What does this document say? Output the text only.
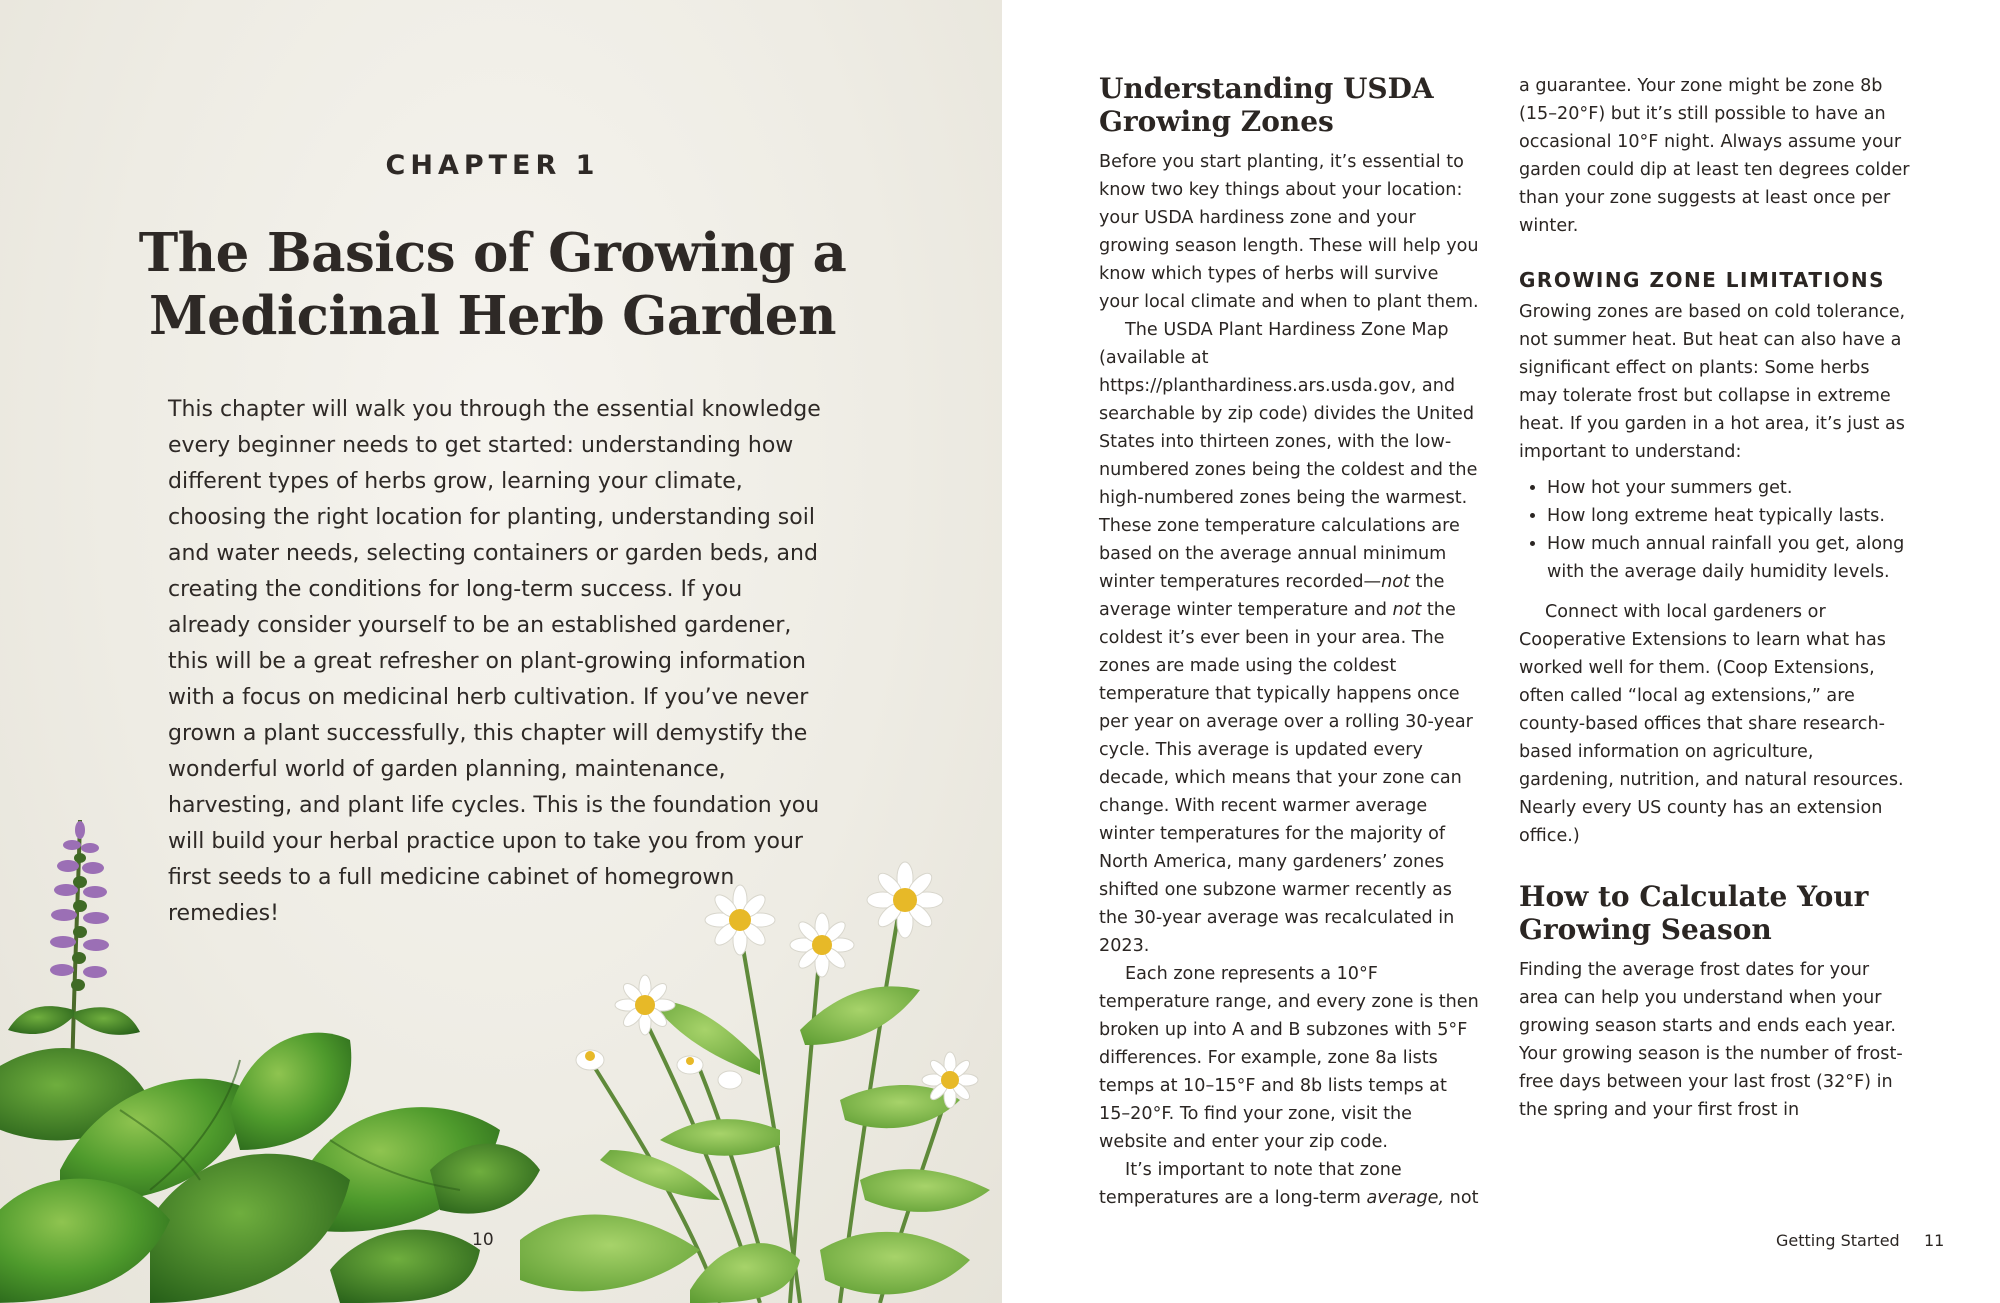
CHAPTER 1
The Basics of Growing a
Medicinal Herb Garden

This chapter will walk you through the essential knowledge every beginner needs to get started: understanding how different types of herbs grow, learning your climate, choosing the right location for planting, understanding soil and water needs, selecting containers or garden beds, and creating the conditions for long-term success. If you already consider yourself to be an established gardener, this will be a great refresher on plant-growing information with a focus on medicinal herb cultivation. If you’ve never grown a plant successfully, this chapter will demystify the wonderful world of garden planning, maintenance, harvesting, and plant life cycles. This is the foundation you will build your herbal practice upon to take you from your first seeds to a full medicine cabinet of homegrown remedies!

10
Understanding USDA Growing Zones

Before you start planting, it’s essential to know two key things about your location: your USDA hardiness zone and your growing season length. These will help you know which types of herbs will survive your local climate and when to plant them.

The USDA Plant Hardiness Zone Map (available at https://planthardiness.ars.usda.gov, and searchable by zip code) divides the United States into thirteen zones, with the low-numbered zones being the coldest and the high-numbered zones being the warmest. These zone temperature calculations are based on the average annual minimum winter temperatures recorded—not the average winter temperature and not the coldest it’s ever been in your area. The zones are made using the coldest temperature that typically happens once per year on average over a rolling 30-year cycle. This average is updated every decade, which means that your zone can change. With recent warmer average winter temperatures for the majority of North America, many gardeners’ zones shifted one subzone warmer recently as the 30-year average was recalculated in 2023.

Each zone represents a 10°F temperature range, and every zone is then broken up into A and B subzones with 5°F differences. For example, zone 8a lists temps at 10–15°F and 8b lists temps at 15–20°F. To find your zone, visit the website and enter your zip code.

It’s important to note that zone temperatures are a long-term average, not

a guarantee. Your zone might be zone 8b (15–20°F) but it’s still possible to have an occasional 10°F night. Always assume your garden could dip at least ten degrees colder than your zone suggests at least once per winter.

GROWING ZONE LIMITATIONS

Growing zones are based on cold tolerance, not summer heat. But heat can also have a significant effect on plants: Some herbs may tolerate frost but collapse in extreme heat. If you garden in a hot area, it’s just as important to understand:

• How hot your summers get.
• How long extreme heat typically lasts.
• How much annual rainfall you get, along with the average daily humidity levels.

Connect with local gardeners or Cooperative Extensions to learn what has worked well for them. (Coop Extensions, often called “local ag extensions,” are county-based offices that share research-based information on agriculture, gardening, nutrition, and natural resources. Nearly every US county has an extension office.)

How to Calculate Your Growing Season

Finding the average frost dates for your area can help you understand when your growing season starts and ends each year. Your growing season is the number of frost-free days between your last frost (32°F) in the spring and your first frost in

Getting Started 11
